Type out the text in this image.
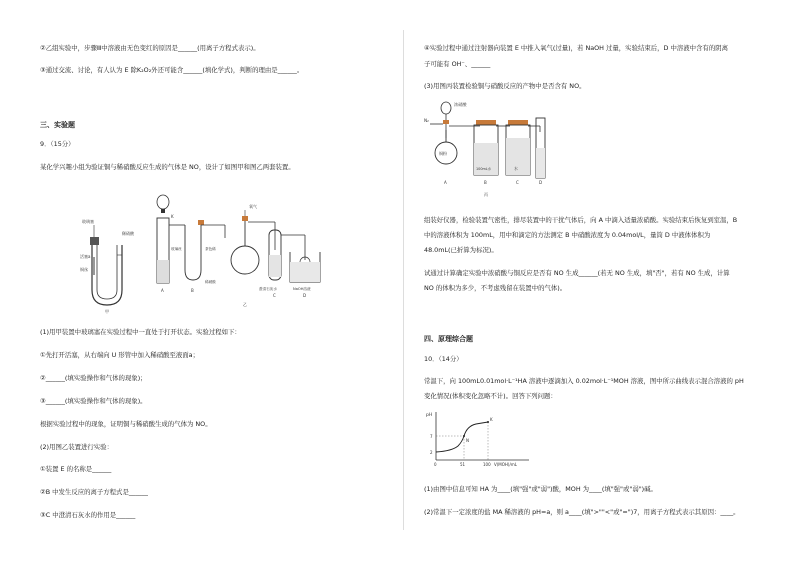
②乙组实验中，步骤Ⅲ中溶液由无色变红的原因是______(用离子方程式表示)。
③通过交流、讨论，有人认为 E 除K₂O₂外还可能含______(填化学式)，判断的理由是______。
三、实验题
9．（15分）
某化学兴趣小组为验证铜与稀硝酸反应生成的气体是 NO，设计了如图甲和图乙两套装置。
玻璃塞
稀硝酸
活塞a
铜丝
甲
K
玻璃丝	茶色稀
稀硝酸
A	B
氧气
澄清石灰水
C
NaOH溶液
D
乙
(1)用甲装置中玻璃塞在实验过程中一直处于打开状态。实验过程如下：
①先打开活塞，从右端向 U 形管中加入稀硝酸至液面a；
②______(填实验操作和气体的现象)；
③______(填实验操作和气体的现象)。
根据实验过程中的现象，证明铜与稀硝酸生成的气体为 NO。
(2)用图乙装置进行实验：
①装置 E 的名称是______
②B 中发生反应的离子方程式是______
③C 中澄清石灰水的作用是______
④实验过程中通过注射器向装置 E 中推入氧气(过量)，若 NaOH 过量，实验结束后，D 中溶液中含有的阴离
子可能有 OH⁻、______
(3)用图丙装置检验铜与硝酸反应的产物中是否含有 NO。
浓硝酸
N₂
铜粉
100mL水	水
A	B	C	D
丙
组装好仪器，检验装置气密性，排尽装置中的干扰气体后，向 A 中滴入适量浓硝酸。实验结束后恢复到室温，B
中的溶液体积为 100mL，用中和滴定的方法测定 B 中硝酸浓度为 0.04mol/L，量筒 D 中液体体积为
48.0mL(已折算为标况)。
试通过计算确定实验中浓硝酸与铜反应是否有 NO 生成______(若无 NO 生成，填"否"，若有 NO 生成，计算
NO 的体积为多少，不考虑残留在装置中的气体)。
四、原理综合题
10．（14分）
常温下，向 100mL0.01mol·L⁻¹HA 溶液中逐滴加入 0.02mol·L⁻¹MOH 溶液，图中所示曲线表示混合溶液的 pH
变化情况(体积变化忽略不计)。回答下列问题：
pH
7
2
0	51	100 V(MOH)/mL
N
K
(1)由图中信息可知 HA 为____(填"强"或"弱")酸，MOH 为____(填"强"或"弱")碱。
(2)常温下一定浓度的盐 MA 稀溶液的 pH=a，则 a____(填">""<"或"=")7，用离子方程式表示其原因：____。
